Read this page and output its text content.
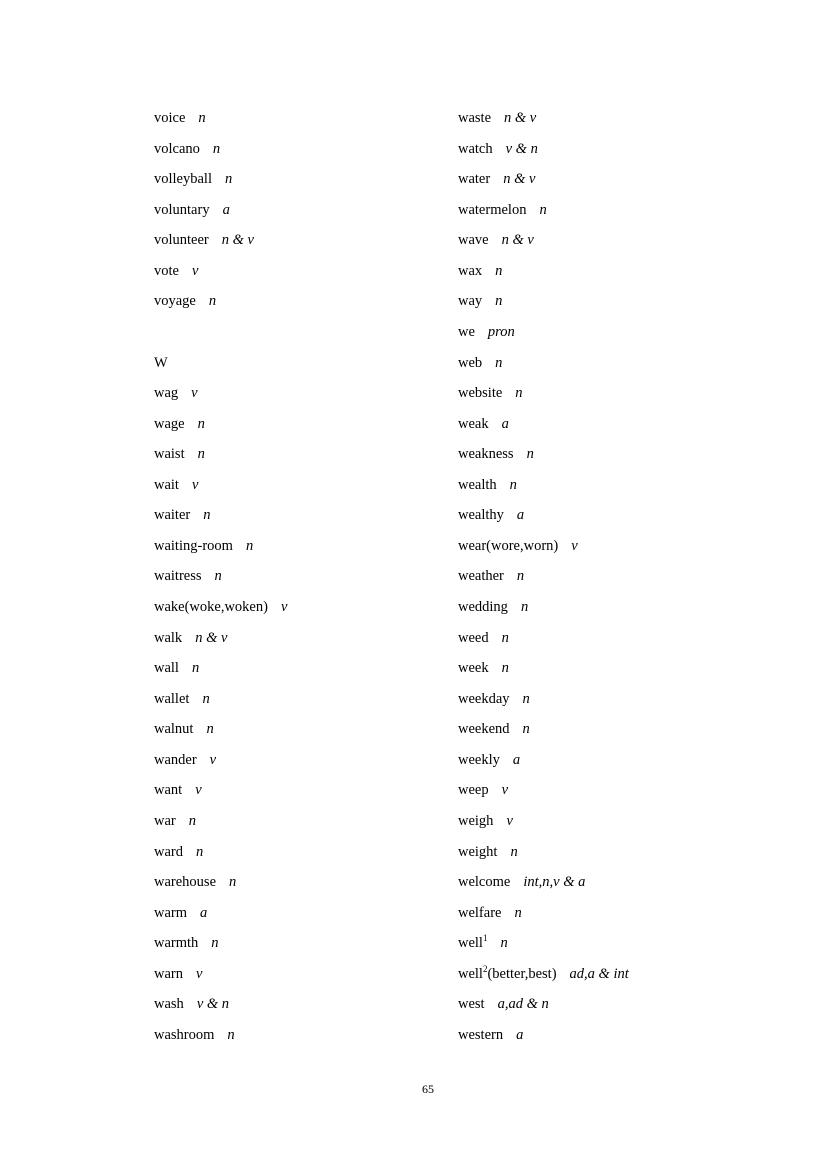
voice n
volcano n
volleyball n
voluntary a
volunteer n & v
vote v
voyage n
W
wag v
wage n
waist n
wait v
waiter n
waiting-room n
waitress n
wake(woke,woken) v
walk n & v
wall n
wallet n
walnut n
wander v
want v
war n
ward n
warehouse n
warm a
warmth n
warn v
wash v & n
washroom n
waste n & v
watch v & n
water n & v
watermelon n
wave n & v
wax n
way n
we pron
web n
website n
weak a
weakness n
wealth n
wealthy a
wear(wore,worn) v
weather n
wedding n
weed n
week n
weekday n
weekend n
weekly a
weep v
weigh v
weight n
welcome int,n,v & a
welfare n
well$^1$ n
well$^2$(better,best) ad,a & int
west a,ad & n
western a
65
